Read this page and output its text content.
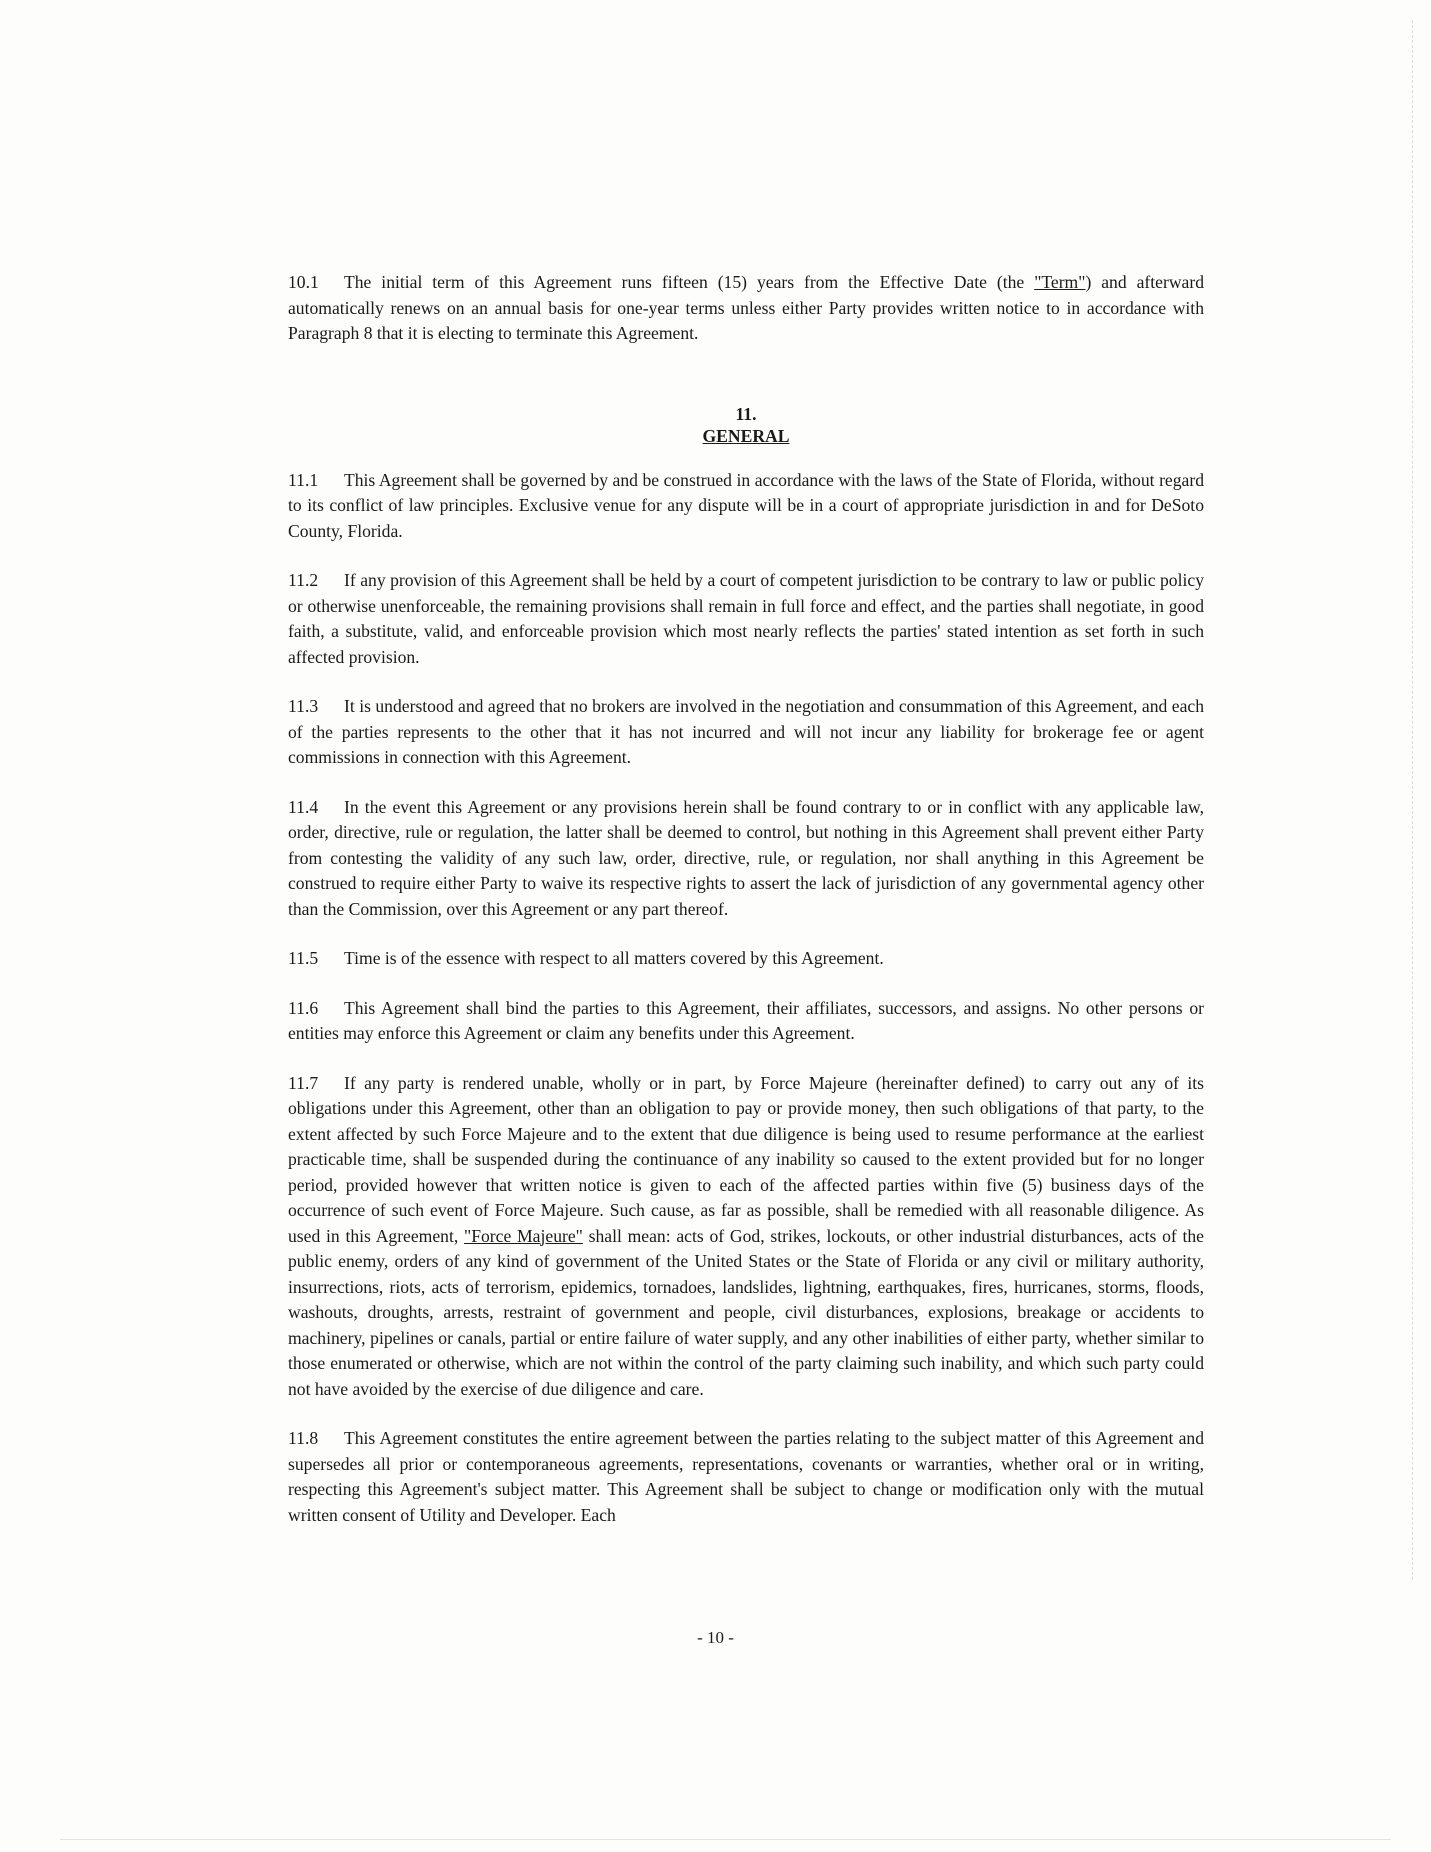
10.1 The initial term of this Agreement runs fifteen (15) years from the Effective Date (the "Term") and afterward automatically renews on an annual basis for one-year terms unless either Party provides written notice to in accordance with Paragraph 8 that it is electing to terminate this Agreement.

11.
GENERAL

11.1 This Agreement shall be governed by and be construed in accordance with the laws of the State of Florida, without regard to its conflict of law principles. Exclusive venue for any dispute will be in a court of appropriate jurisdiction in and for DeSoto County, Florida.

11.2 If any provision of this Agreement shall be held by a court of competent jurisdiction to be contrary to law or public policy or otherwise unenforceable, the remaining provisions shall remain in full force and effect, and the parties shall negotiate, in good faith, a substitute, valid, and enforceable provision which most nearly reflects the parties' stated intention as set forth in such affected provision.

11.3 It is understood and agreed that no brokers are involved in the negotiation and consummation of this Agreement, and each of the parties represents to the other that it has not incurred and will not incur any liability for brokerage fee or agent commissions in connection with this Agreement.

11.4 In the event this Agreement or any provisions herein shall be found contrary to or in conflict with any applicable law, order, directive, rule or regulation, the latter shall be deemed to control, but nothing in this Agreement shall prevent either Party from contesting the validity of any such law, order, directive, rule, or regulation, nor shall anything in this Agreement be construed to require either Party to waive its respective rights to assert the lack of jurisdiction of any governmental agency other than the Commission, over this Agreement or any part thereof.

11.5 Time is of the essence with respect to all matters covered by this Agreement.

11.6 This Agreement shall bind the parties to this Agreement, their affiliates, successors, and assigns. No other persons or entities may enforce this Agreement or claim any benefits under this Agreement.

11.7 If any party is rendered unable, wholly or in part, by Force Majeure (hereinafter defined) to carry out any of its obligations under this Agreement, other than an obligation to pay or provide money, then such obligations of that party, to the extent affected by such Force Majeure and to the extent that due diligence is being used to resume performance at the earliest practicable time, shall be suspended during the continuance of any inability so caused to the extent provided but for no longer period, provided however that written notice is given to each of the affected parties within five (5) business days of the occurrence of such event of Force Majeure. Such cause, as far as possible, shall be remedied with all reasonable diligence. As used in this Agreement, "Force Majeure" shall mean: acts of God, strikes, lockouts, or other industrial disturbances, acts of the public enemy, orders of any kind of government of the United States or the State of Florida or any civil or military authority, insurrections, riots, acts of terrorism, epidemics, tornadoes, landslides, lightning, earthquakes, fires, hurricanes, storms, floods, washouts, droughts, arrests, restraint of government and people, civil disturbances, explosions, breakage or accidents to machinery, pipelines or canals, partial or entire failure of water supply, and any other inabilities of either party, whether similar to those enumerated or otherwise, which are not within the control of the party claiming such inability, and which such party could not have avoided by the exercise of due diligence and care.

11.8 This Agreement constitutes the entire agreement between the parties relating to the subject matter of this Agreement and supersedes all prior or contemporaneous agreements, representations, covenants or warranties, whether oral or in writing, respecting this Agreement's subject matter. This Agreement shall be subject to change or modification only with the mutual written consent of Utility and Developer. Each

- 10 -
